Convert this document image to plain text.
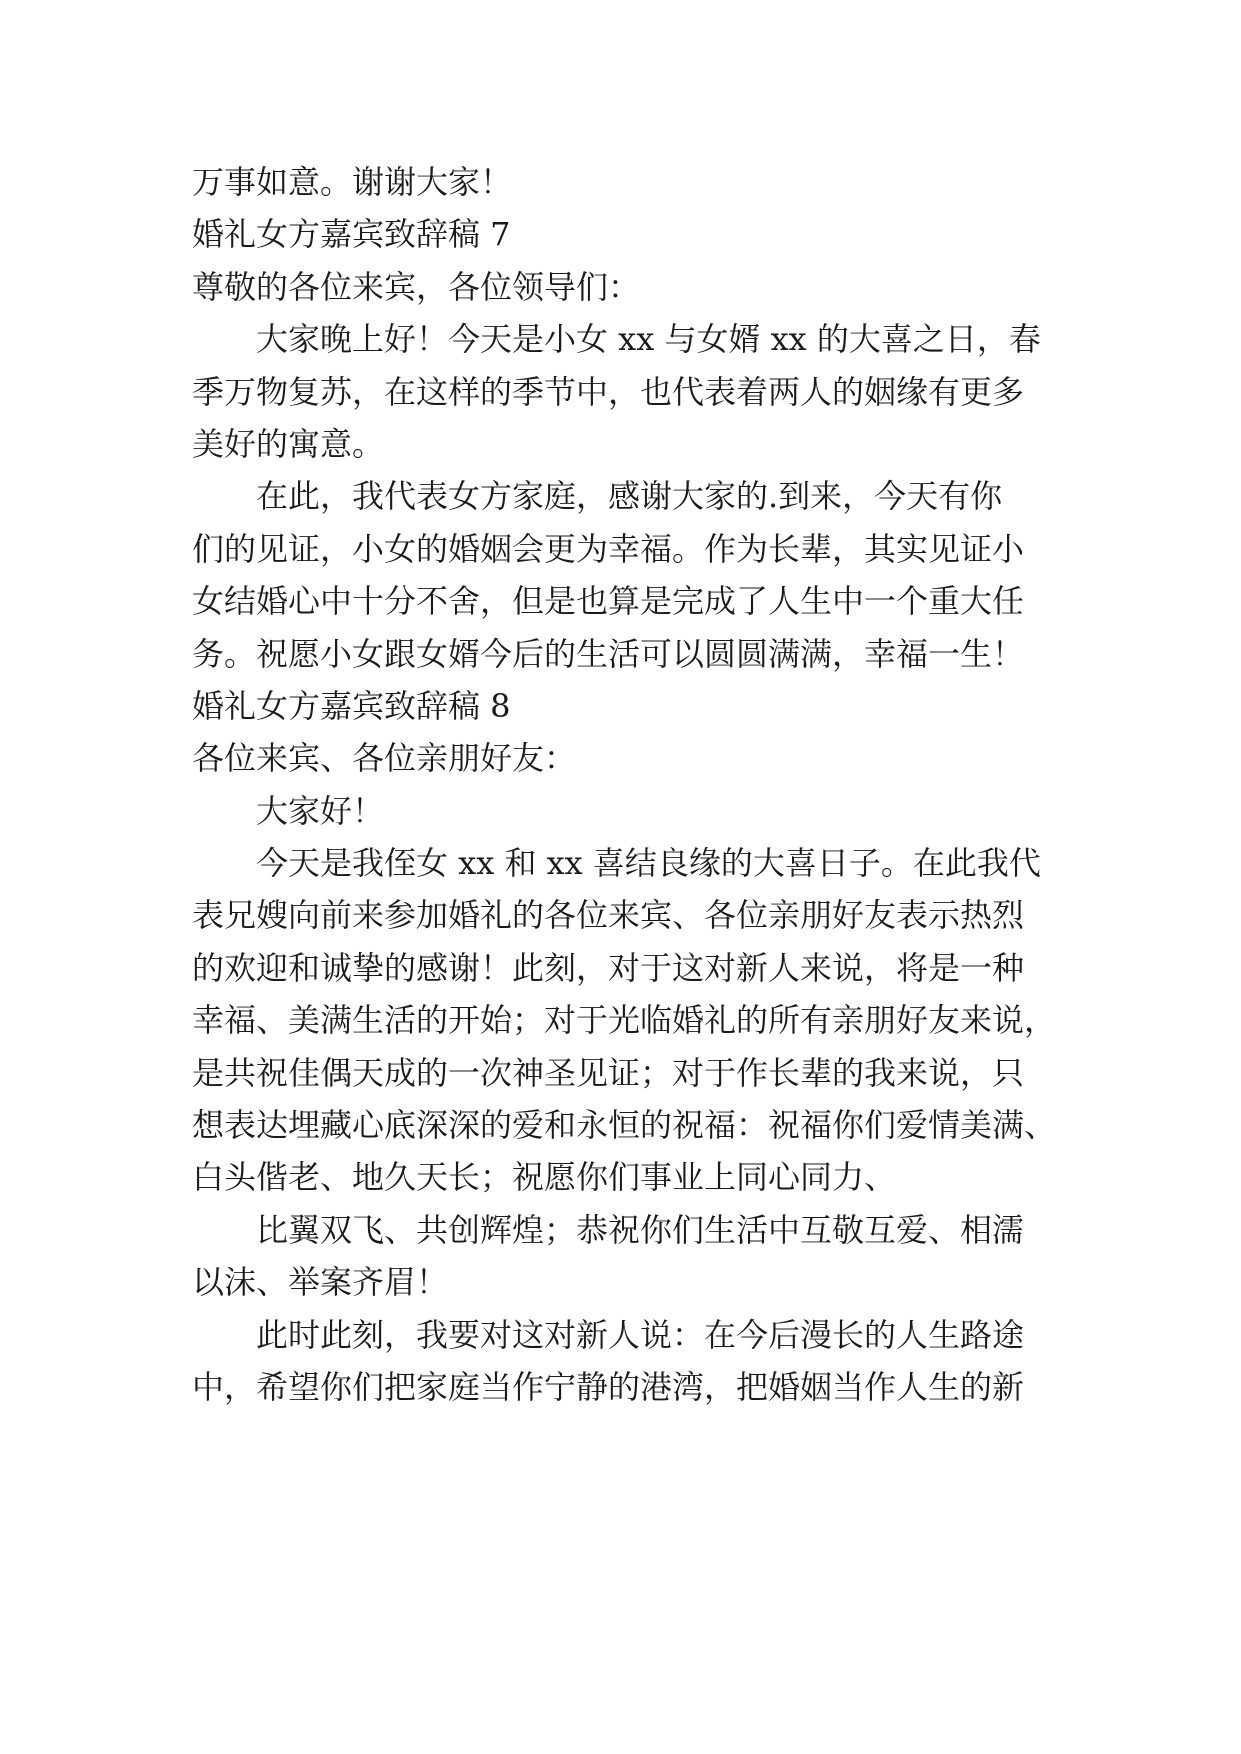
万事如意。谢谢大家！
婚礼女方嘉宾致辞稿 7
尊敬的各位来宾，各位领导们：
大家晚上好！今天是小女 xx 与女婿 xx 的大喜之日，春
季万物复苏，在这样的季节中，也代表着两人的姻缘有更多
美好的寓意。
在此，我代表女方家庭，感谢大家的.到来，今天有你
们的见证，小女的婚姻会更为幸福。作为长辈，其实见证小
女结婚心中十分不舍，但是也算是完成了人生中一个重大任
务。祝愿小女跟女婿今后的生活可以圆圆满满，幸福一生！
婚礼女方嘉宾致辞稿 8
各位来宾、各位亲朋好友：
大家好！
今天是我侄女 xx 和 xx 喜结良缘的大喜日子。在此我代
表兄嫂向前来参加婚礼的各位来宾、各位亲朋好友表示热烈
的欢迎和诚挚的感谢！此刻，对于这对新人来说，将是一种
幸福、美满生活的开始；对于光临婚礼的所有亲朋好友来说，
是共祝佳偶天成的一次神圣见证；对于作长辈的我来说，只
想表达埋藏心底深深的爱和永恒的祝福：祝福你们爱情美满、
白头偕老、地久天长；祝愿你们事业上同心同力、
比翼双飞、共创辉煌；恭祝你们生活中互敬互爱、相濡
以沫、举案齐眉！
此时此刻，我要对这对新人说：在今后漫长的人生路途
中，希望你们把家庭当作宁静的港湾，把婚姻当作人生的新
